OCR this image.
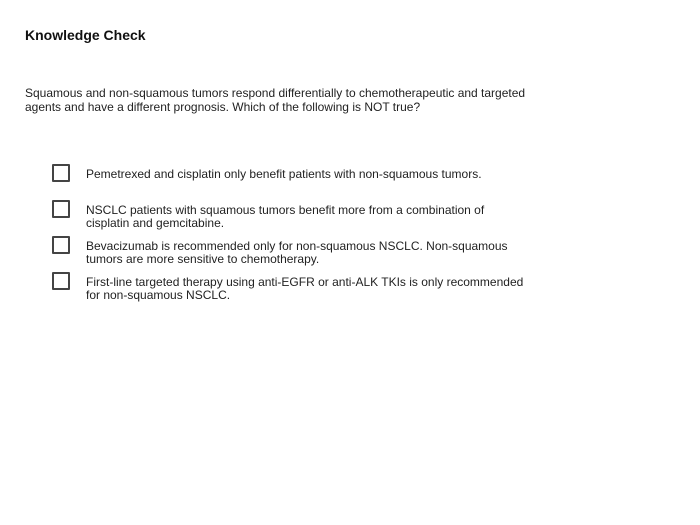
Knowledge Check

Squamous and non-squamous tumors respond differentially to chemotherapeutic and targeted agents and have a different prognosis. Which of the following is NOT true?

Pemetrexed and cisplatin only benefit patients with non-squamous tumors.
NSCLC patients with squamous tumors benefit more from a combination of cisplatin and gemcitabine.
Bevacizumab is recommended only for non-squamous NSCLC. Non-squamous tumors are more sensitive to chemotherapy.
First-line targeted therapy using anti-EGFR or anti-ALK TKIs is only recommended for non-squamous NSCLC.
